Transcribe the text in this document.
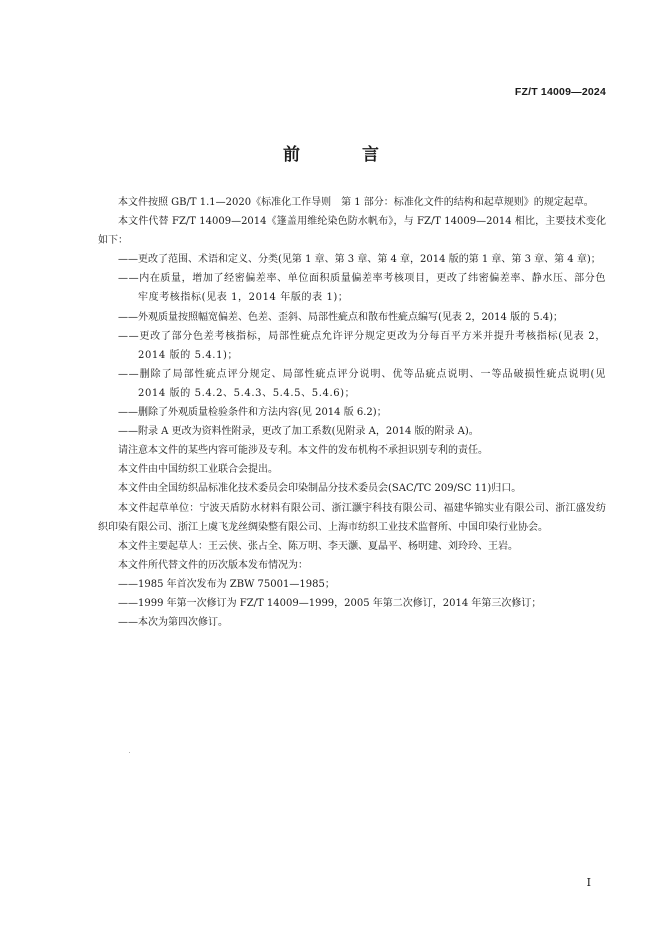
FZ/T 14009—2024
前 言

本文件按照 GB/T 1.1—2020《标准化工作导则　第 1 部分：标准化文件的结构和起草规则》的规定起草。

本文件代替 FZ/T 14009—2014《篷盖用维纶染色防水帆布》，与 FZ/T 14009—2014 相比，主要技术变化如下：

——更改了范围、术语和定义、分类(见第 1 章、第 3 章、第 4 章，2014 版的第 1 章、第 3 章、第 4 章)；

——内在质量，增加了经密偏差率、单位面积质量偏差率考核项目，更改了纬密偏差率、静水压、部分色牢度考核指标(见表 1，2014 年版的表 1)；

——外观质量按照幅宽偏差、色差、歪斜、局部性疵点和散布性疵点编写(见表 2，2014 版的 5.4)；

——更改了部分色差考核指标，局部性疵点允许评分规定更改为分每百平方米并提升考核指标(见表 2，2014 版的 5.4.1)；

——删除了局部性疵点评分规定、局部性疵点评分说明、优等品疵点说明、一等品破损性疵点说明(见 2014 版的 5.4.2、5.4.3、5.4.5、5.4.6)；

——删除了外观质量检验条件和方法内容(见 2014 版 6.2)；

——附录 A 更改为资料性附录，更改了加工系数(见附录 A，2014 版的附录 A)。

请注意本文件的某些内容可能涉及专利。本文件的发布机构不承担识别专利的责任。

本文件由中国纺织工业联合会提出。

本文件由全国纺织品标准化技术委员会印染制品分技术委员会(SAC/TC 209/SC 11)归口。

本文件起草单位：宁波天盾防水材料有限公司、浙江灏宇科技有限公司、福建华锦实业有限公司、浙江盛发纺织印染有限公司、浙江上虞飞龙丝绸染整有限公司、上海市纺织工业技术监督所、中国印染行业协会。

本文件主要起草人：王云侠、张占全、陈万明、李天灏、夏晶平、杨明建、刘玲玲、王岩。

本文件所代替文件的历次版本发布情况为：

——1985 年首次发布为 ZBW 75001—1985；

——1999 年第一次修订为 FZ/T 14009—1999，2005 年第二次修订，2014 年第三次修订；

——本次为第四次修订。

I
